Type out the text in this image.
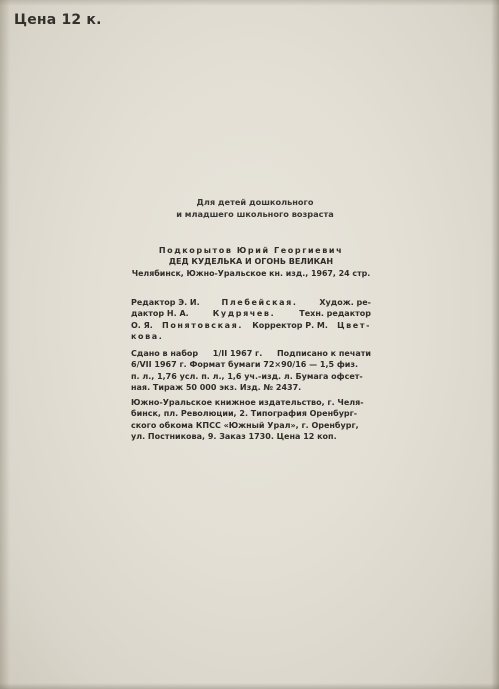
Цена 12 к.
Для детей дошкольного
и младшего школьного возраста
Подкорытов Юрий Георгиевич
ДЕД КУДЕЛЬКА И ОГОНЬ ВЕЛИКАН
Челябинск, Южно-Уральское кн. изд., 1967, 24 стр.
Редактор Э. И.	Плебейская.	Худож. ре-
дактор Н. А.	Кудрячев.	Техн. редактор
О. Я. Понятовская. Корректор Р. М. Цвет-
кова.
Сдано в набор 1/II 1967 г. Подписано к печати
6/VII 1967 г. Формат бумаги 72×90/16 — 1,5 физ.
п. л., 1,76 усл. п. л., 1,6 уч.-изд. л. Бумага офсет-
ная. Тираж 50 000 экз. Изд. № 2437.
Южно-Уральское книжное издательство, г. Челя-
бинск, пл. Революции, 2. Типография Оренбург-
ского обкома КПСС «Южный Урал», г. Оренбург,
ул. Постникова, 9. Заказ 1730. Цена 12 коп.
